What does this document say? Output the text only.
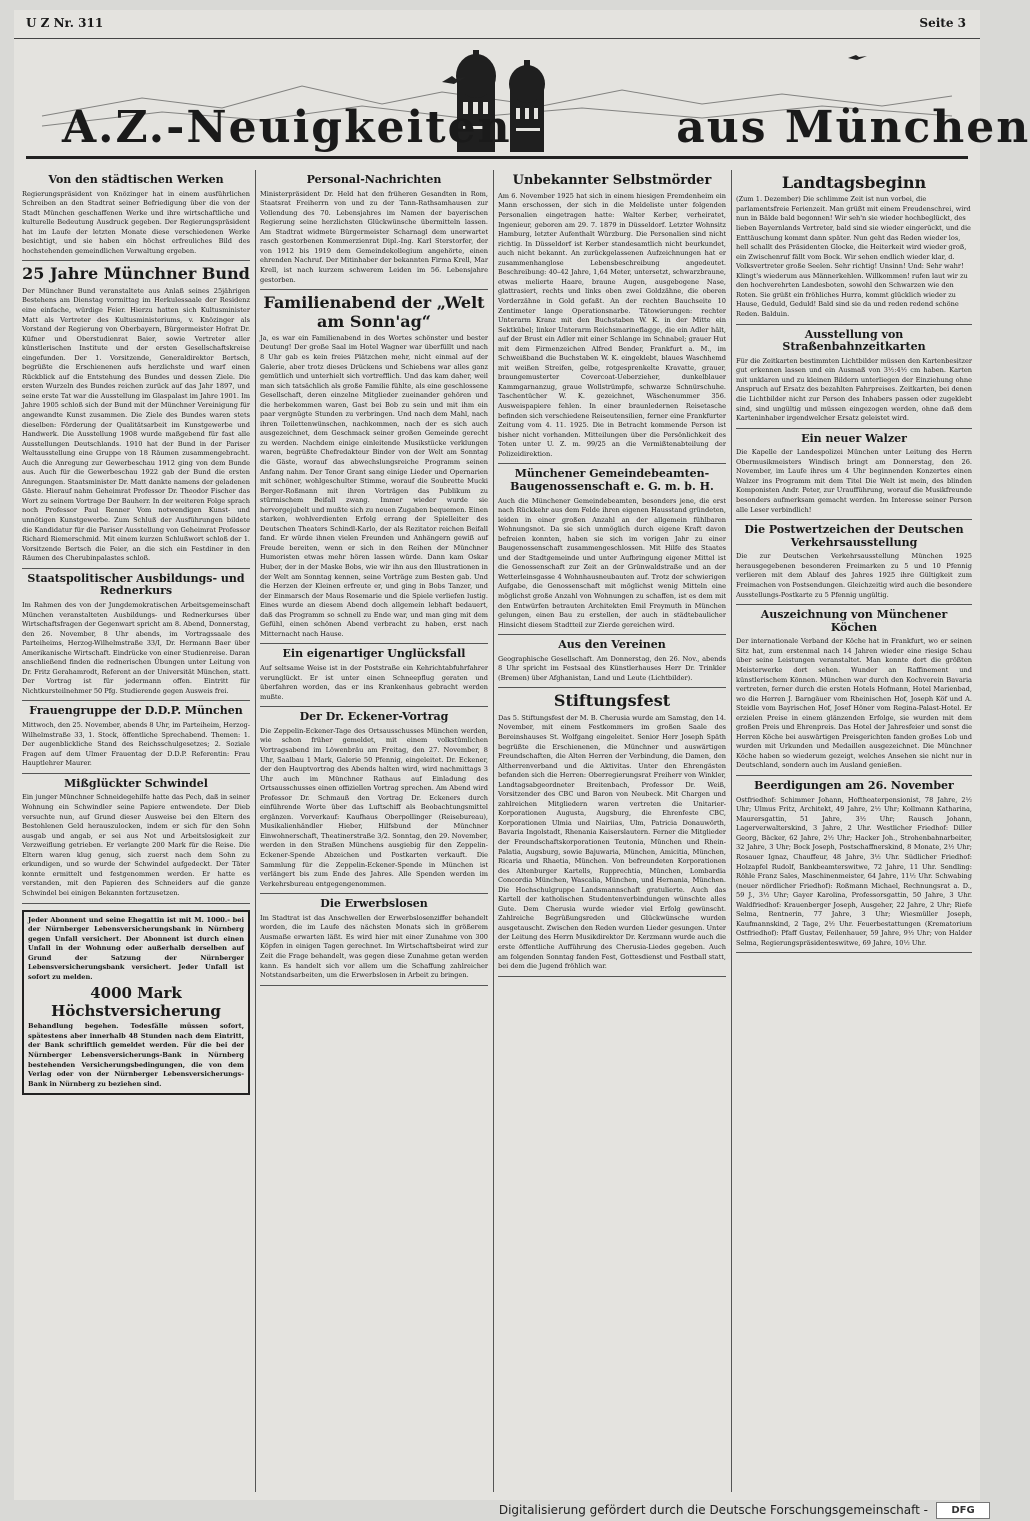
U Z Nr. 311	Seite 3
A.Z.-Neuigkeiten	aus München
Von den städtischen Werken

Regierungspräsident von Knözinger hat in einem ausführlichen Schreiben an den Stadtrat seiner Befriedigung über die von der Stadt München geschaffenen Werke und ihre wirtschaftliche und kulturelle Bedeutung Ausdruck gegeben. Der Regierungspräsident hat im Laufe der letzten Monate diese verschiedenen Werke besichtigt, und sie haben ein höchst erfreuliches Bild des hochstehenden gemeindlichen Verwaltung ergeben.

25 Jahre Münchner Bund

Der Münchner Bund veranstaltete aus Anlaß seines 25jährigen Bestehens am Dienstag vormittag im Herkulessaale der Residenz eine einfache, würdige Feier. Hierzu hatten sich Kultusminister Matt als Vertreter des Kultusministeriums, v. Knözinger als Vorstand der Regierung von Oberbayern, Bürgermeister Hofrat Dr. Küfner und Oberstudienrat Baier, sowie Vertreter aller künstlerischen Institute und der ersten Gesellschaftskreise eingefunden. Der 1. Vorsitzende, Generaldirektor Bertsch, begrüßte die Erschienenen aufs herzlichste und warf einen Rückblick auf die Entstehung des Bundes und dessen Ziele. Die ersten Wurzeln des Bundes reichen zurück auf das Jahr 1897, und seine erste Tat war die Ausstellung im Glaspalast im Jahre 1901. Im Jahre 1905 schloß sich der Bund mit der Münchner Vereinigung für angewandte Kunst zusammen. Die Ziele des Bundes waren stets dieselben: Förderung der Qualitätsarbeit im Kunstgewerbe und Handwerk. Die Ausstellung 1908 wurde maßgebend für fast alle Ausstellungen Deutschlands. 1910 hat der Bund in der Pariser Weltausstellung eine Gruppe von 18 Räumen zusammengebracht. Auch die Anregung zur Gewerbeschau 1912 ging von dem Bunde aus. Auch für die Gewerbeschau 1922 gab der Bund die ersten Anregungen. Staatsminister Dr. Matt dankte namens der geladenen Gäste. Hierauf nahm Geheimrat Professor Dr. Theodor Fischer das Wort zu seinem Vortrage Der Bauherr. In der weiteren Folge sprach noch Professor Paul Renner Vom notwendigen Kunst- und unnötigen Kunstgewerbe. Zum Schluß der Ausführungen bildete die Kandidatur für die Pariser Ausstellung von Geheimrat Professor Richard Riemerschmid. Mit einem kurzen Schlußwort schloß der 1. Vorsitzende Bertsch die Feier, an die sich ein Festdiner in den Räumen des Cherubinpalastes schloß.

Staatspolitischer Ausbildungs- und Rednerkurs

Im Rahmen des von der Jungdemokratischen Arbeitsgemeinschaft München veranstalteten Ausbildungs- und Rednerkurses über Wirtschaftsfragen der Gegenwart spricht am 8. Abend, Donnerstag, den 26. November, 8 Uhr abends, im Vortragssaale des Parteiheims, Herzog-Wilhelmstraße 33/I, Dr. Hermann Baer über Amerikanische Wirtschaft. Eindrücke von einer Studienreise. Daran anschließend finden die rednerischen Übungen unter Leitung von Dr. Fritz Gerahamrodt, Referent an der Universität München, statt. Der Vortrag ist für jedermann offen. Eintritt für Nichtkursteilnehmer 50 Pfg. Studierende gegen Ausweis frei.

Frauengruppe der D.D.P. München

Mittwoch, den 25. November, abends 8 Uhr, im Parteiheim, Herzog-Wilhelmstraße 33, 1. Stock, öffentliche Sprechabend. Themen: 1. Der augenblickliche Stand des Reichsschulgesetzes; 2. Soziale Fragen auf dem Ulmer Frauentag der D.D.P. Referentin: Frau Hauptlehrer Maurer.

Mißglückter Schwindel

Ein junger Münchner Schneidegehilfe hatte das Pech, daß in seiner Wohnung ein Schwindler seine Papiere entwendete. Der Dieb versuchte nun, auf Grund dieser Ausweise bei den Eltern des Bestohlenen Geld herauszulocken, indem er sich für den Sohn ausgab und angab, er sei aus Not und Arbeitslosigkeit zur Verzweiflung getrieben. Er verlangte 200 Mark für die Reise. Die Eltern waren klug genug, sich zuerst nach dem Sohn zu erkundigen, und so wurde der Schwindel aufgedeckt. Der Täter konnte ermittelt und festgenommen werden. Er hatte es verstanden, mit den Papieren des Schneiders auf die ganze Schwindel bei einigen Bekannten fortzusetzen.

Jeder Abonnent und seine Ehegattin ist mit M. 1000.- bei der Nürnberger Lebensversicherungsbank in Nürnberg gegen Unfall versichert. Der Abonnent ist durch einen Unfall in der Wohnung oder außerhalb derselben auf Grund der Satzung der Nürnberger Lebensversicherungsbank versichert. Jeder Unfall ist sofort zu melden.

4000 Mark Höchstversicherung

Behandlung begehen. Todesfälle müssen sofort, spätestens aber innerhalb 48 Stunden nach dem Eintritt, der Bank schriftlich gemeldet werden. Für die bei der Nürnberger Lebensversicherungs-Bank in Nürnberg bestehenden Versicherungsbedingungen, die von dem Verlag oder von der Nürnberger Lebensversicherungs-Bank in Nürnberg zu beziehen sind.

Personal-Nachrichten

Ministerpräsident Dr. Held hat den früheren Gesandten in Rom, Staatsrat Freiherrn von und zu der Tann-Rathsamhausen zur Vollendung des 70. Lebensjahres im Namen der bayerischen Regierung seine herzlichsten Glückwünsche übermitteln lassen. Am Stadtrat widmete Bürgermeister Scharnagl dem unerwartet rasch gestorbenen Kommerzienrat Dipl.-Ing. Karl Sterstorfer, der von 1912 bis 1919 dem Gemeindekollegium angehörte, einen ehrenden Nachruf. Der Mitinhaber der bekannten Firma Krell, Mar Krell, ist nach kurzem schwerem Leiden im 56. Lebensjahre gestorben.

Familienabend der „Welt am Sonn'ag“

Ja, es war ein Familienabend in des Wortes schönster und bester Deutung! Der große Saal im Hotel Wagner war überfüllt und nach 8 Uhr gab es kein freies Plätzchen mehr, nicht einmal auf der Galerie, aber trotz dieses Drückens und Schiebens war alles ganz gemütlich und unterhielt sich vortrefflich. Und das kam daher, weil man sich tatsächlich als große Familie fühlte, als eine geschlossene Gesellschaft, deren einzelne Mitglieder zueinander gehören und die herbekommen waren, Gast bei Bob zu sein und mit ihm ein paar vergnügte Stunden zu verbringen. Und nach dem Mahl, nach ihren Toilettenwünschen, nachkommen, nach der es sich auch ausgezeichnet, dem Geschmack seiner großen Gemeinde gerecht zu werden. Nachdem einige einleitende Musikstücke verklungen waren, begrüßte Chefredakteur Binder von der Welt am Sonntag die Gäste, worauf das abwechslungsreiche Programm seinen Anfang nahm. Der Tenor Grant sang einige Lieder und Opernarien mit schöner, wohlgeschulter Stimme, worauf die Soubrette Mucki Berger-Roßmann mit ihren Vorträgen das Publikum zu stürmischem Beifall zwang. Immer wieder wurde sie hervorgejubelt und mußte sich zu neuen Zugaben bequemen. Einen starken, wohlverdienten Erfolg errang der Spielleiter des Deutschen Theaters Schindl-Karlo, der als Rezitator reichen Beifall fand. Er würde ihnen vielen Freunden und Anhängern gewiß auf Freude bereiten, wenn er sich in den Reihen der Münchner Humoristen etwas mehr hören lassen würde. Dann kam Oskar Huber, der in der Maske Bobs, wie wir ihn aus den Illustrationen in der Welt am Sonntag kennen, seine Vorträge zum Besten gab. Und die Herzen der Kleinen erfreute er, und ging in Bobs Tanzer, und der Einmarsch der Maus Rosemarie und die Spiele verliefen lustig. Eines wurde an diesem Abend doch allgemein lebhaft bedauert, daß das Programm so schnell zu Ende war, und man ging mit dem Gefühl, einen schönen Abend verbracht zu haben, erst nach Mitternacht nach Hause.

Ein eigenartiger Unglücksfall

Auf seltsame Weise ist in der Poststraße ein Kehrichtabfuhrfahrer verunglückt. Er ist unter einen Schneepflug geraten und überfahren worden, das er ins Krankenhaus gebracht werden mußte.

Der Dr. Eckener-Vortrag

Die Zeppelin-Eckener-Tage des Ortsausschusses München werden, wie schon früher gemeldet, mit einem volkstümlichen Vortragsabend im Löwenbräu am Freitag, den 27. November, 8 Uhr, Saalbau 1 Mark, Galerie 50 Pfennig, eingeleitet. Dr. Eckener, der den Hauptvortrag des Abends halten wird, wird nachmittags 3 Uhr auch im Münchner Rathaus auf Einladung des Ortsausschusses einen offiziellen Vortrag sprechen. Am Abend wird Professor Dr. Schmauß den Vortrag Dr. Eckeners durch einführende Worte über das Luftschiff als Beobachtungsmittel ergänzen. Vorverkauf: Kaufhaus Oberpollinger (Reisebureau), Musikalienhändler Hieber, Hilfsbund der Münchner Einwohnerschaft, Theatinerstraße 3/2. Sonntag, den 29. November, werden in den Straßen Münchens ausgiebig für den Zeppelin-Eckener-Spende Abzeichen und Postkarten verkauft. Die Sammlung für die Zeppelin-Eckener-Spende in München ist verlängert bis zum Ende des Jahres. Alle Spenden werden im Verkehrsbureau entgegengenommen.

Die Erwerbslosen

Im Stadtrat ist das Anschwellen der Erwerbslosenziffer behandelt worden, die im Laufe des nächsten Monats sich in größerem Ausmaße erwarten läßt. Es wird hier mit einer Zunahme von 300 Köpfen in einigen Tagen gerechnet. Im Wirtschaftsbeirat wird zur Zeit die Frage behandelt, was gegen diese Zunahme getan werden kann. Es handelt sich vor allem um die Schaffung zahlreicher Notstandsarbeiten, um die Erwerbslosen in Arbeit zu bringen.

Unbekannter Selbstmörder

Am 6. November 1925 hat sich in einem hiesigen Fremdenheim ein Mann erschossen, der sich in die Meldeliste unter folgenden Personalien eingetragen hatte: Walter Kerber, verheiratet, Ingenieur, geboren am 29. 7. 1879 in Düsseldorf. Letzter Wohnsitz Hamburg, letzter Aufenthalt Würzburg. Die Personalien sind nicht richtig. In Düsseldorf ist Kerber standesamtlich nicht beurkundet, auch nicht bekannt. An zurückgelassenen Aufzeichnungen hat er zusammenhanglose Lebensbeschreibung angedeutet. Beschreibung: 40–42 Jahre, 1,64 Meter, untersetzt, schwarzbraune, etwas melierte Haare, braune Augen, ausgebogene Nase, glattrasiert, rechts und links oben zwei Goldzähne, die oberen Vorderzähne in Gold gefaßt. An der rechten Bauchseite 10 Zentimeter lange Operationsnarbe. Tätowierungen: rechter Unterarm Kranz mit den Buchstaben W. K. in der Mitte ein Sektkübel; linker Unterarm Reichsmarineflagge, die ein Adler hält, auf der Brust ein Adler mit einer Schlange im Schnabel; grauer Hut mit dem Firmenzeichen Alfred Bender, Frankfurt a. M., im Schweißband die Buchstaben W. K. eingeklebt, blaues Waschhemd mit weißen Streifen, gelbe, rotgesprenkelte Kravatte, grauer, braungemusterter Covercoat-Ueberzieher, dunkelblauer Kammgarnanzug, graue Wollstrümpfe, schwarze Schnürschuhe. Taschentücher W. K. gezeichnet, Wäschenummer 356. Ausweispapiere fehlen. In einer braunledernen Reisetasche befinden sich verschiedene Reiseutensilien, ferner eine Frankfurter Zeitung vom 4. 11. 1925. Die in Betracht kommende Person ist bisher nicht vorhanden. Mitteilungen über die Persönlichkeit des Toten unter U. Z. m. 99/25 an die Vermißtenabteilung der Polizeidirektion.

Münchener Gemeindebeamten-Baugenossenschaft e. G. m. b. H.

Auch die Münchener Gemeindebeamten, besonders jene, die erst nach Rückkehr aus dem Felde ihren eigenen Hausstand gründeten, leiden in einer großen Anzahl an der allgemein fühlbaren Wohnungsnot. Da sie sich unmöglich durch eigene Kraft davon befreien konnten, haben sie sich im vorigen Jahr zu einer Baugenossenschaft zusammengeschlossen. Mit Hilfe des Staates und der Stadtgemeinde und unter Aufbringung eigener Mittel ist die Genossenschaft zur Zeit an der Grünwaldstraße und an der Wetterleinsgasse 4 Wohnhausneubauten auf. Trotz der schwierigen Aufgabe, die Genossenschaft mit möglichst wenig Mitteln eine möglichst große Anzahl von Wohnungen zu schaffen, ist es dem mit den Entwürfen betrauten Architekten Emil Freymuth in München gelungen, einen Bau zu erstellen, der auch in städtebaulicher Hinsicht diesem Stadtteil zur Zierde gereichen wird.

Aus den Vereinen

Geographische Gesellschaft. Am Donnerstag, den 26. Nov., abends 8 Uhr spricht im Festsaal des Künstlerhauses Herr Dr. Trinkler (Bremen) über Afghanistan, Land und Leute (Lichtbilder).

Stiftungsfest

Das 5. Stiftungsfest der M. B. Cherusia wurde am Samstag, den 14. November, mit einem Festkommers im großen Saale des Bereinshauses St. Wolfgang eingeleitet. Senior Herr Joseph Späth begrüßte die Erschienenen, die Münchner und auswärtigen Freundschaften, die Alten Herren der Verbindung, die Damen, den Altherrenverband und die Aktivitas. Unter den Ehrengästen befanden sich die Herren: Oberregierungsrat Freiherr von Winkler, Landtagsabgeordneter Breitenbach, Professor Dr. Weiß, Vorsitzender des CBC und Baron von Neubeck. Mit Chargen und zahlreichen Mitgliedern waren vertreten die Unitarier-Korporationen Augusta, Augsburg, die Ehrenfeste CBC, Korporationen Ulmia und Nairiias, Ulm, Patricia Donauwörth, Bavaria Ingolstadt, Rhenania Kaiserslautern. Ferner die Mitglieder der Freundschaftskorporationen Teutonia, München und Rhein-Palatia, Augsburg, sowie Bajuwaria, München, Amicitia, München, Ricaria und Rhaetia, München. Von befreundeten Korporationen des Altenburger Kartells, Rupprechtia, München, Lombardia Concordia München, Wascalia, München, und Hernania, München. Die Hochschulgruppe Landsmannschaft gratulierte. Auch das Kartell der katholischen Studentenverbindungen wünschte alles Gute. Dem Cherusia wurde wieder viel Erfolg gewünscht. Zahlreiche Begrüßungsreden und Glückwünsche wurden ausgetauscht. Zwischen den Reden wurden Lieder gesungen. Unter der Leitung des Herrn Musikdirektor Dr. Kerzmann wurde auch die erste öffentliche Aufführung des Cherusia-Liedes gegeben. Auch am folgenden Sonntag fanden Fest, Gottesdienst und Festball statt, bei dem die Jugend fröhlich war.

Landtagsbeginn

(Zum 1. Dezember) Die schlimme Zeit ist nun vorbei, die parlamentsfreie Ferienzeit. Man grüßt mit einem Freudenschrei, wird nun in Bälde bald begonnen! Wir seh'n sie wieder hochbeglückt, des lieben Bayernlands Vertreter, bald sind sie wieder eingerückt, und die Enttäuschung kommt dann später. Nun geht das Reden wieder los, hell schallt des Präsidenten Glocke, die Heiterkeit wird wieder groß, ein Zwischenruf fällt vom Bock. Wir sehen endlich wieder klar, d. Volksvertreter große Seelen. Sehr richtig! Unsinn! Und: Sehr wahr! Klingt's wiederum aus Männerkehlen. Willkommen! rufen laut wir zu den hochverehrten Landesboten, sowohl den Schwarzen wie den Roten. Sie grüßt ein fröhliches Hurra, kommt glücklich wieder zu Hause, Geduld, Geduld! Bald sind sie da und reden redend schöne Reden. Balduin.

Ausstellung von Straßenbahnzeitkarten

Für die Zeitkarten bestimmten Lichtbilder müssen den Kartenbesitzer gut erkennen lassen und ein Ausmaß von 3½:4½ cm haben. Karten mit unklaren und zu kleinen Bildern unterliegen der Einziehung ohne Anspruch auf Ersatz des bezahlten Fahrpreises. Zeitkarten, bei denen die Lichtbilder nicht zur Person des Inhabers passen oder zugeklebt sind, sind ungültig und müssen eingezogen werden, ohne daß dem Karteninhaber irgendwelcher Ersatz geleistet wird.

Ein neuer Walzer

Die Kapelle der Landespolizei München unter Leitung des Herrn Obermusikmeisters Windisch bringt am Donnerstag, den 26. November, im Laufe ihres um 4 Uhr beginnenden Konzertes einen Walzer ins Programm mit dem Titel Die Welt ist mein, des blinden Komponisten Andr. Peter, zur Uraufführung, worauf die Musikfreunde besonders aufmerksam gemacht werden. Im Interesse seiner Person alle Leser verbindlich!

Die Postwertzeichen der Deutschen Verkehrsausstellung

Die zur Deutschen Verkehrsausstellung München 1925 herausgegebenen besonderen Freimarken zu 5 und 10 Pfennig verlieren mit dem Ablauf des Jahres 1925 ihre Gültigkeit zum Freimachen von Postsendungen. Gleichzeitig wird auch die besondere Ausstellungs-Postkarte zu 5 Pfennig ungültig.

Auszeichnung von Münchener Köchen

Der internationale Verband der Köche hat in Frankfurt, wo er seinen Sitz hat, zum erstenmal nach 14 Jahren wieder eine riesige Schau über seine Leistungen veranstaltet. Man konnte dort die größten Meisterwerke dort sehen. Wunder an Raffinement und künstlerischem Können. München war durch den Kochverein Bavaria vertreten, ferner durch die ersten Hotels Hofmann, Hotel Marienbad, wo die Herren J. Barngäuer vom Rheinischen Hof, Joseph Köf und A. Steidle vom Bayrischen Hof, Josef Höner vom Regina-Palast-Hotel. Er erzielen Preise in einem glänzenden Erfolge, sie wurden mit dem großen Preis und Ehrenpreis. Das Hotel der Jahresfeier und sonst die Herren Köche bei auswärtigen Preisgerichten fanden großes Lob und wurden mit Urkunden und Medaillen ausgezeichnet. Die Münchner Köche haben so wiederum gezeigt, welches Ansehen sie nicht nur in Deutschland, sondern auch im Ausland genießen.

Beerdigungen am 26. November

Ostfriedhof: Schimmer Johann, Hoftheaterpensionist, 78 Jahre, 2½ Uhr; Ulmus Fritz, Architekt, 49 Jahre, 2½ Uhr; Kollmann Katharina, Maurersgattin, 51 Jahre, 3½ Uhr; Rausch Johann, Lagerverwalterskind, 3 Jahre, 2 Uhr. Westlicher Friedhof: Diller Georg, Bäcker, 62 Jahre, 2½ Uhr; Hacker Joh., Strohenbahnarbeiter, 32 Jahre, 3 Uhr; Bock Joseph, Postschaffnerskind, 8 Monate, 2½ Uhr; Rosauer Ignaz, Chauffeur, 48 Jahre, 3½ Uhr. Südlicher Friedhof: Holzapfel Rudolf, Bankbeamterswitwe, 72 Jahre, 11 Uhr. Sendling: Röhle Franz Sales, Maschinenmeister, 64 Jahre, 11½ Uhr. Schwabing (neuer nördlicher Friedhof): Roßmann Michael, Rechnungsrat a. D., 59 J., 3½ Uhr; Gayer Karolina, Professorsgattin, 50 Jahre, 3 Uhr. Waldfriedhof: Krauenberger Joseph, Ausgeher, 22 Jahre, 2 Uhr; Riefe Selma, Rentnerin, 77 Jahre, 3 Uhr; Wiesmüller Joseph, Kaufmannskind, 2 Tage, 2½ Uhr. Feuerbestattungen (Krematorium Ostfriedhof): Pfaff Gustav, Feilenhauer, 59 Jahre, 9½ Uhr; von Halder Selma, Regierungspräsidenteswitwe, 69 Jahre, 10½ Uhr.

Digitalisierung gefördert durch die Deutsche Forschungsgemeinschaft -	DFG
